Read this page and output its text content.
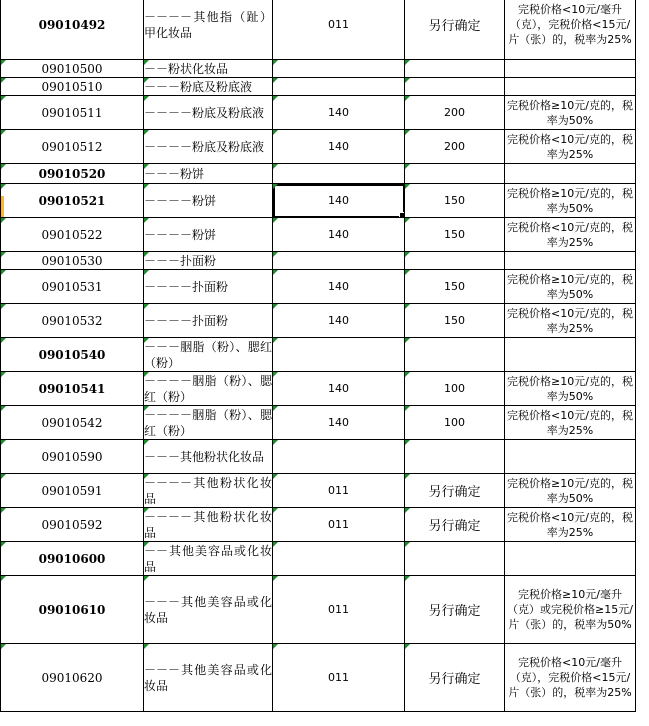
09010492	－－－－其他指（趾）甲化妆品	011	另行确定	完税价格<10元/毫升（克），完税价格<15元/片（张）的，税率为25%
09010500	－－粉状化妆品

09010510	－－－粉底及粉底液

09010511	－－－－粉底及粉底液	140	200	完税价格≥10元/克的，税率为50%
09010512	－－－－粉底及粉底液	140	200	完税价格<10元/克的，税率为25%
09010520	－－－粉饼

09010521	－－－－粉饼	140	150	完税价格≥10元/克的，税率为50%
09010522	－－－－粉饼	140	150	完税价格<10元/克的，税率为25%
09010530	－－－扑面粉

09010531	－－－－扑面粉	140	150	完税价格≥10元/克的，税率为50%
09010532	－－－－扑面粉	140	150	完税价格<10元/克的，税率为25%
09010540	－－－胭脂（粉）、腮红（粉）

09010541	－－－－胭脂（粉）、腮红（粉）	140	100	完税价格≥10元/克的，税率为50%
09010542	－－－－胭脂（粉）、腮红（粉）	140	100	完税价格<10元/克的，税率为25%
09010590	－－－其他粉状化妆品

09010591	－－－－其他粉状化妆品	011	另行确定	完税价格≥10元/克的，税率为50%
09010592	－－－－其他粉状化妆品	011	另行确定	完税价格<10元/克的，税率为25%
09010600	－－其他美容品或化妆品

09010610	－－－其他美容品或化妆品	011	另行确定	完税价格≥10元/毫升（克）或完税价格≥15元/片（张）的，税率为50%
09010620	－－－其他美容品或化妆品	011	另行确定	完税价格<10元/毫升（克），完税价格<15元/片（张）的，税率为25%
